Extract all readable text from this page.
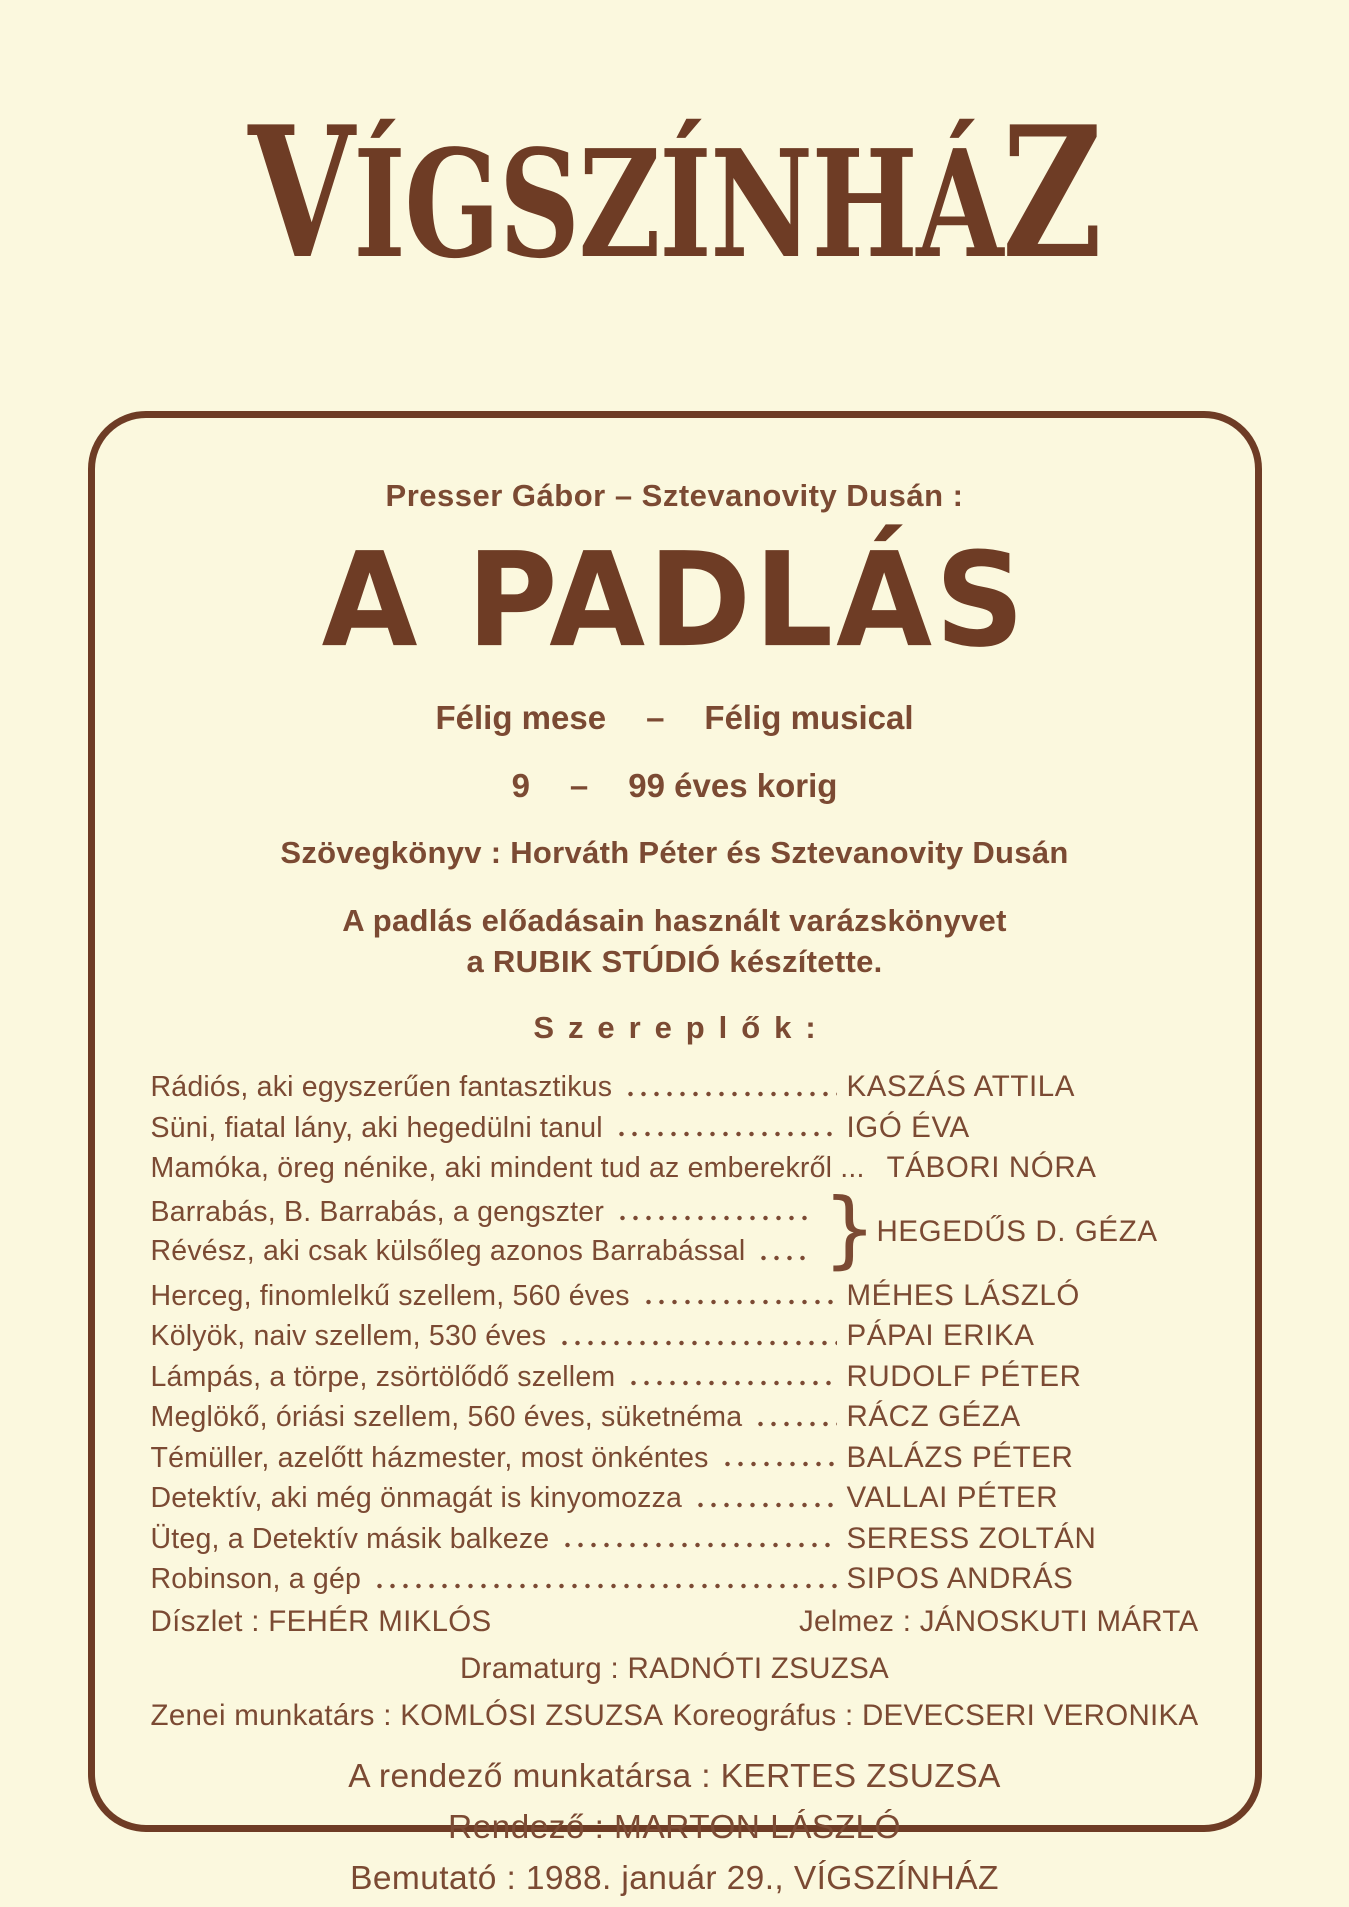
VÍGSZÍNHÁZ
Presser Gábor – Sztevanovity Dusán :
A PADLÁS
Félig mese – Félig musical
9 – 99 éves korig
Szövegkönyv : Horváth Péter és Sztevanovity Dusán
A padlás előadásain használt varázskönyvet
a RUBIK STÚDIÓ készítette.
Szereplők:
Rádiós, aki egyszerűen fantasztikus	KASZÁS ATTILA
Süni, fiatal lány, aki hegedülni tanul	IGÓ ÉVA
Mamóka, öreg nénike, aki mindent tud az emberekről ... TÁBORI NÓRA
Barrabás, B. Barrabás, a gengszter
Révész, aki csak külsőleg azonos Barrabással } HEGEDŰS D. GÉZA
Herceg, finomlelkű szellem, 560 éves	MÉHES LÁSZLÓ
Kölyök, naiv szellem, 530 éves	PÁPAI ERIKA
Lámpás, a törpe, zsörtölődő szellem	RUDOLF PÉTER
Meglökő, óriási szellem, 560 éves, süketnéma	RÁCZ GÉZA
Témüller, azelőtt házmester, most önkéntes	BALÁZS PÉTER
Detektív, aki még önmagát is kinyomozza	VALLAI PÉTER
Üteg, a Detektív másik balkeze	SERESS ZOLTÁN
Robinson, a gép	SIPOS ANDRÁS
Díszlet : FEHÉR MIKLÓS	Jelmez : JÁNOSKUTI MÁRTA
Dramaturg : RADNÓTI ZSUZSA
Zenei munkatárs : KOMLÓSI ZSUZSA Koreográfus : DEVECSERI VERONIKA
A rendező munkatársa : KERTES ZSUZSA
Rendező : MARTON LÁSZLÓ
Bemutató : 1988. január 29., VÍGSZÍNHÁZ
